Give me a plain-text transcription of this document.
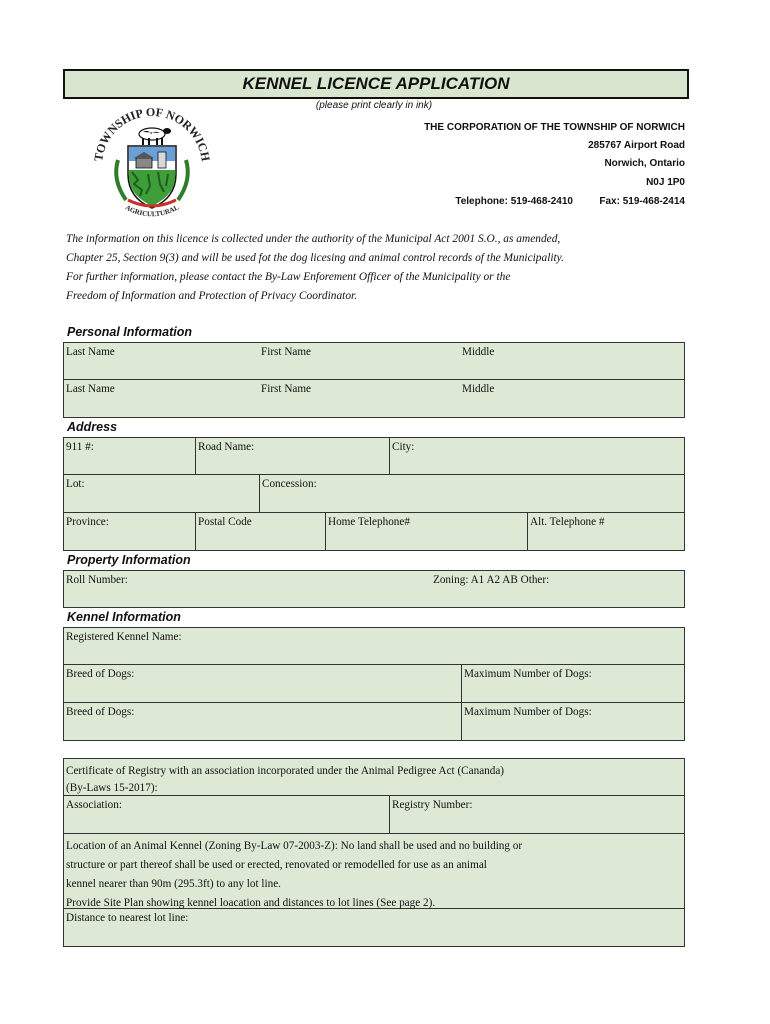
KENNEL LICENCE APPLICATION
(please print clearly in ink)
TOWNSHIP OF NORWICH
AGRICULTURAL
THE CORPORATION OF THE TOWNSHIP OF NORWICH
285767 Airport Road
Norwich, Ontario
N0J 1P0
Telephone: 519-468-2410	Fax: 519-468-2414
The information on this licence is collected under the authority of the Municipal Act 2001 S.O., as amended,
Chapter 25, Section 9(3) and will be used fot the dog licesing and animal control records of the Municipality.
For further information, please contact the By-Law Enforement Officer of the Municipality or the
Freedom of Information and Protection of Privacy Coordinator.
Personal Information
Last Name	First Name	Middle
Last Name	First Name	Middle
Address
911 #:	Road Name:	City:
Lot:	Concession:
Province:	Postal Code	Home Telephone#	Alt. Telephone #
Property Information
Roll Number:	Zoning: A1 A2 AB Other:
Kennel Information
Registered Kennel Name:
Breed of Dogs:	Maximum Number of Dogs:
Breed of Dogs:	Maximum Number of Dogs:
Certificate of Registry with an association incorporated under the Animal Pedigree Act (Cananda)
(By-Laws 15-2017):
Association:	Registry Number:
Location of an Animal Kennel (Zoning By-Law 07-2003-Z): No land shall be used and no building or
structure or part thereof shall be used or erected, renovated or remodelled for use as an animal
kennel nearer than 90m (295.3ft) to any lot line.
Provide Site Plan showing kennel loacation and distances to lot lines (See page 2).
Distance to nearest lot line:
